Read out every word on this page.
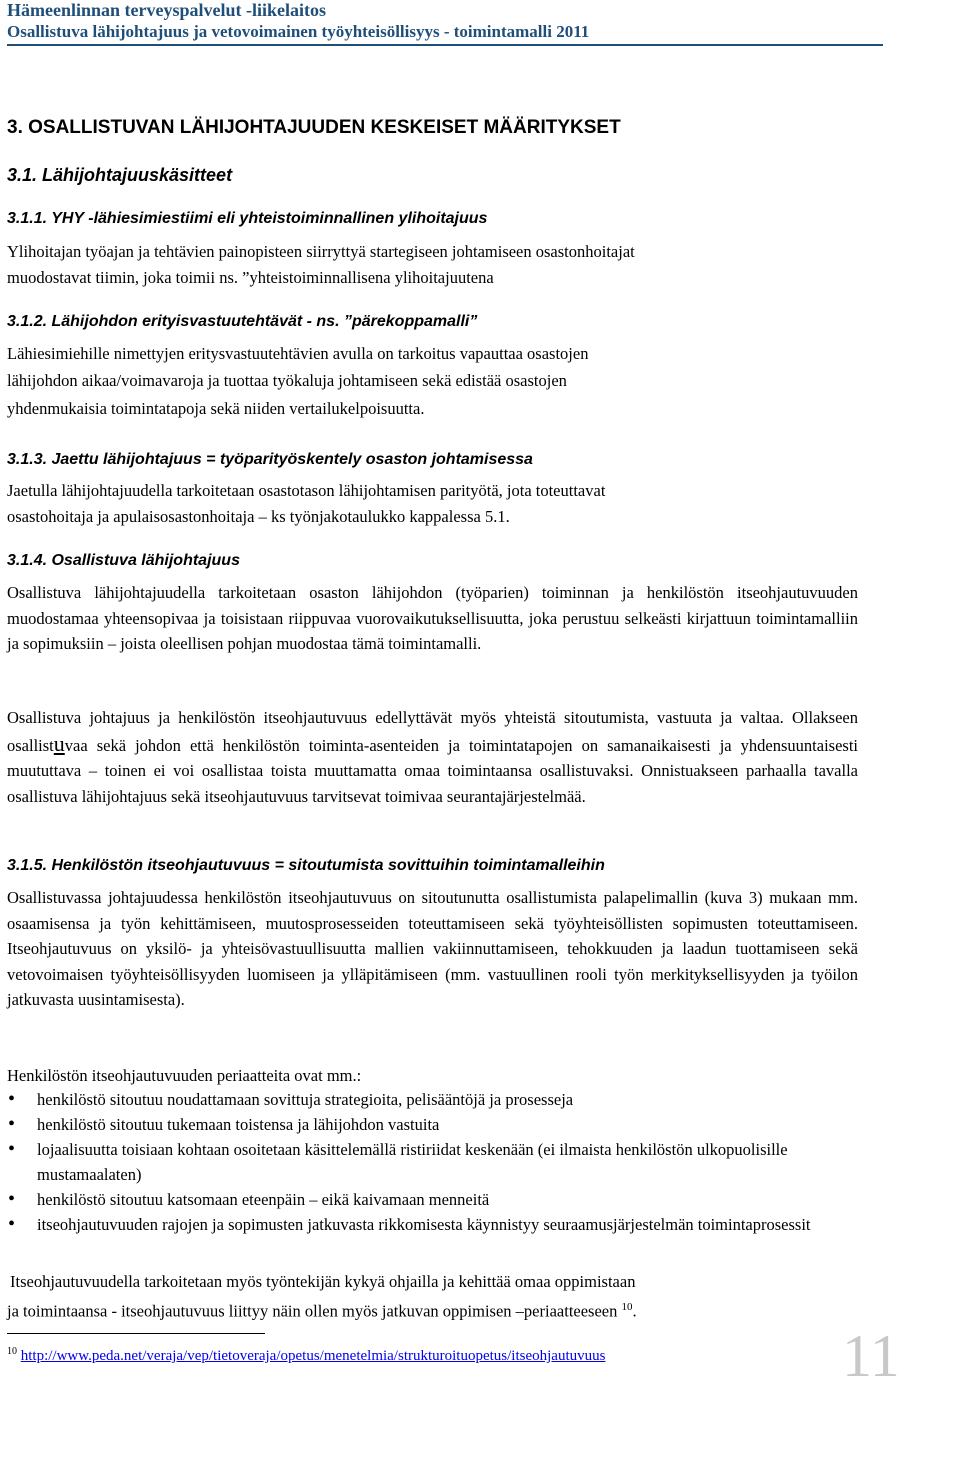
Hämeenlinnan terveyspalvelut -liikelaitos
Osallistuva lähijohtajuus ja vetovoimainen työyhteisöllisyys - toimintamalli 2011
3. OSALLISTUVAN LÄHIJOHTAJUUDEN KESKEISET MÄÄRITYKSET
3.1. Lähijohtajuuskäsitteet
3.1.1. YHY -lähiesimiestiimi eli yhteistoiminnallinen ylihoitajuus
Ylihoitajan työajan ja tehtävien painopisteen siirryttyä startegiseen johtamiseen osastonhoitajat
muodostavat tiimin, joka toimii ns. ”yhteistoiminnallisena ylihoitajuutena
3.1.2. Lähijohdon erityisvastuutehtävät - ns. ”pärekoppamalli”
Lähiesimiehille nimettyjen eritysvastuutehtävien avulla on tarkoitus vapauttaa osastojen
lähijohdon aikaa/voimavaroja ja tuottaa työkaluja johtamiseen sekä edistää osastojen
yhdenmukaisia toimintatapoja sekä niiden vertailukelpoisuutta.
3.1.3. Jaettu lähijohtajuus = työparityöskentely osaston johtamisessa
Jaetulla lähijohtajuudella tarkoitetaan osastotason lähijohtamisen parityötä, jota toteuttavat
osastohoitaja ja apulaisosastonhoitaja – ks työnjakotaulukko kappalessa 5.1.
3.1.4. Osallistuva lähijohtajuus
Osallistuva lähijohtajuudella tarkoitetaan osaston lähijohdon (työparien) toiminnan ja henkilöstön itseohjautuvuuden muodostamaa yhteensopivaa ja toisistaan riippuvaa vuorovaikutuksellisuutta, joka perustuu selkeästi kirjattuun toimintamalliin ja sopimuksiin – joista oleellisen pohjan muodostaa tämä toimintamalli.
Osallistuva johtajuus ja henkilöstön itseohjautuvuus edellyttävät myös yhteistä sitoutumista, vastuuta ja valtaa. Ollakseen osallistuvaa sekä johdon että henkilöstön toiminta-asenteiden ja toimintatapojen on samanaikaisesti ja yhdensuuntaisesti muututtava – toinen ei voi osallistaa toista muuttamatta omaa toimintaansa osallistuvaksi. Onnistuakseen parhaalla tavalla osallistuva lähijohtajuus sekä itseohjautuvuus tarvitsevat toimivaa seurantajärjestelmää.
3.1.5. Henkilöstön itseohjautuvuus = sitoutumista sovittuihin toimintamalleihin
Osallistuvassa johtajuudessa henkilöstön itseohjautuvuus on sitoutunutta osallistumista palapelimallin (kuva 3) mukaan mm. osaamisensa ja työn kehittämiseen, muutosprosesseiden toteuttamiseen sekä työyhteisöllisten sopimusten toteuttamiseen. Itseohjautuvuus on yksilö- ja yhteisövastuullisuutta mallien vakiinnuttamiseen, tehokkuuden ja laadun tuottamiseen sekä vetovoimaisen työyhteisöllisyyden luomiseen ja ylläpitämiseen (mm. vastuullinen rooli työn merkityksellisyyden ja työilon jatkuvasta uusintamisesta).
Henkilöstön itseohjautuvuuden periaatteita ovat mm.:
• henkilöstö sitoutuu noudattamaan sovittuja strategioita, pelisääntöjä ja prosesseja
• henkilöstö sitoutuu tukemaan toistensa ja lähijohdon vastuita
• lojaalisuutta toisiaan kohtaan osoitetaan käsittelemällä ristiriidat keskenään (ei ilmaista henkilöstön ulkopuolisille mustamaalaten)
• henkilöstö sitoutuu katsomaan eteenpäin – eikä kaivamaan menneitä
• itseohjautuvuuden rajojen ja sopimusten jatkuvasta rikkomisesta käynnistyy seuraamusjärjestelmän toimintaprosessit
Itseohjautuvuudella tarkoitetaan myös työntekijän kykyä ohjailla ja kehittää omaa oppimistaan
ja toimintaansa - itseohjautuvuus liittyy näin ollen myös jatkuvan oppimisen –periaatteeseen $^{10}$.
$^{10}$ http://www.peda.net/veraja/vep/tietoveraja/opetus/menetelmia/strukturoituopetus/itseohjautuvuus	11
